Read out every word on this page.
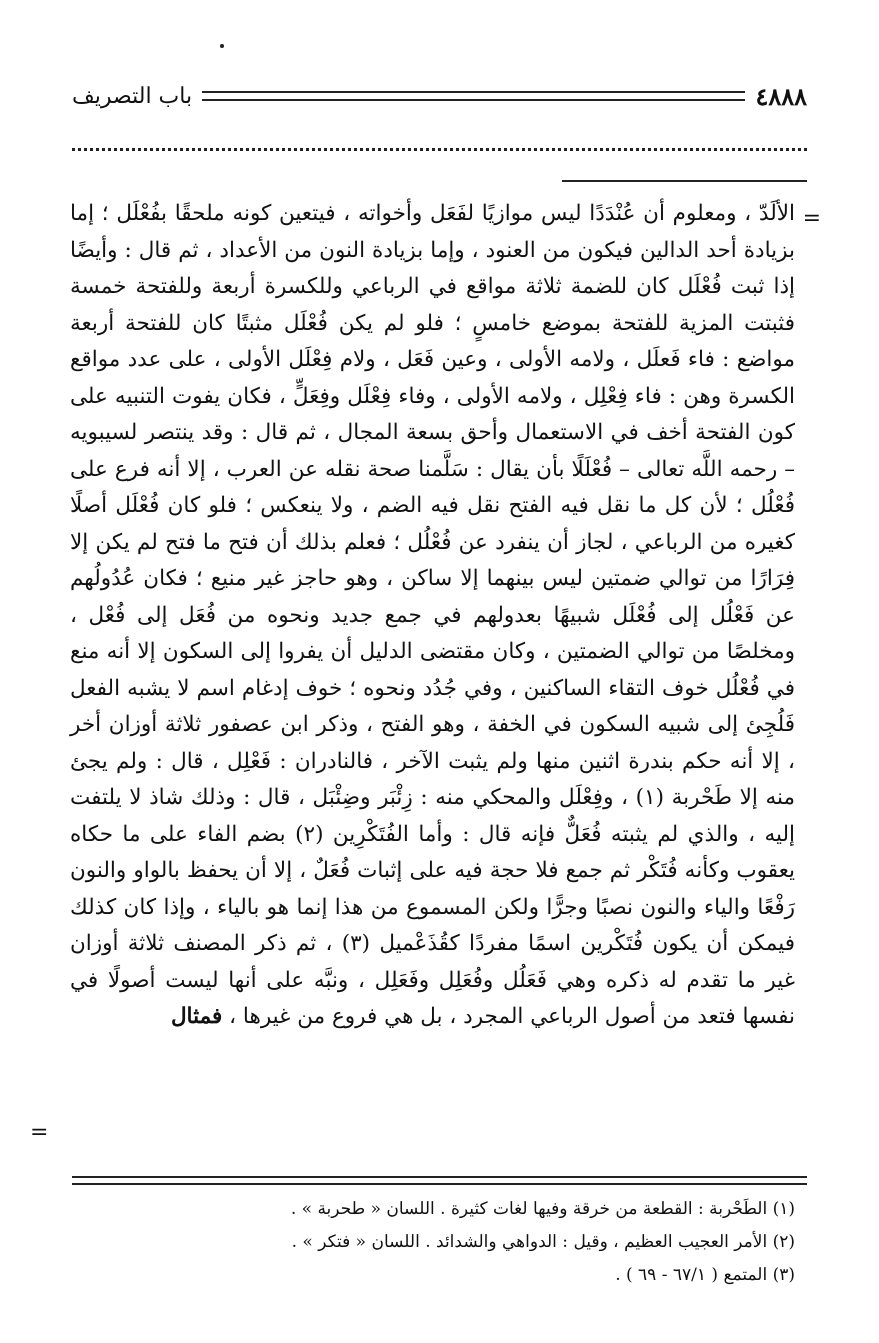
٤٨٨٨
باب التصريف
=

الألَدّ ، ومعلوم أن عُنْدَدًا ليس موازيًا لفَعَل وأخواته ، فيتعين كونه ملحقًا بفُعْلَل ؛ إما بزيادة أحد الدالين فيكون من العنود ، وإما بزيادة النون من الأعداد ، ثم قال : وأيضًا إذا ثبت فُعْلَل كان للضمة ثلاثة مواقع في الرباعي وللكسرة أربعة وللفتحة خمسة فثبتت المزية للفتحة بموضع خامسٍ ؛ فلو لم يكن فُعْلَل مثبتًا كان للفتحة أربعة مواضع : فاء فَعلَل ، ولامه الأولى ، وعين فَعَل ، ولام فِعْلَل الأولى ، على عدد مواقع الكسرة وهن : فاء فِعْلِل ، ولامه الأولى ، وفاء فِعْلَل وفِعَلٍّ ، فكان يفوت التنبيه على كون الفتحة أخف في الاستعمال وأحق بسعة المجال ، ثم قال : وقد ينتصر لسيبويه – رحمه اللَّه تعالى – فُعْلَلًا بأن يقال : سَلَّمنا صحة نقله عن العرب ، إلا أنه فرع على فُعْلُل ؛ لأن كل ما نقل فيه الفتح نقل فيه الضم ، ولا ينعكس ؛ فلو كان فُعْلَل أصلًا كغيره من الرباعي ، لجاز أن ينفرد عن فُعْلُل ؛ فعلم بذلك أن فتح ما فتح لم يكن إلا فِرَارًا من توالي ضمتين ليس بينهما إلا ساكن ، وهو حاجز غير منيع ؛ فكان عُدُولُهم عن فَعْلُل إلى فُعْلَل شبيهًا بعدولهم في جمع جديد ونحوه من فُعَل إلى فُعْل ، ومخلصًا من توالي الضمتين ، وكان مقتضى الدليل أن يفروا إلى السكون إلا أنه منع في فُعْلُل خوف التقاء الساكنين ، وفي جُدُد ونحوه ؛ خوف إدغام اسم لا يشبه الفعل فَلُجِئ إلى شبيه السكون في الخفة ، وهو الفتح ، وذكر ابن عصفور ثلاثة أوزان أخر ، إلا أنه حكم بندرة اثنين منها ولم يثبت الآخر ، فالنادران : فَعْلِل ، قال : ولم يجئ منه إلا طَحْربة (١) ، وفِعْلَل والمحكي منه : زِئْبَر وضِئْبَل ، قال : وذلك شاذ لا يلتفت إليه ، والذي لم يثبته فُعَلٌّ فإنه قال : وأما الفُتَكْرِين (٢) بضم الفاء على ما حكاه يعقوب وكأنه فُتَكْر ثم جمع فلا حجة فيه على إثبات فُعَلٌ ، إلا أن يحفظ بالواو والنون رَفْعًا والياء والنون نصبًا وجرًّا ولكن المسموع من هذا إنما هو بالياء ، وإذا كان كذلك فيمكن أن يكون فُتَكْرين اسمًا مفردًا كقُذَعْميل (٣) ، ثم ذكر المصنف ثلاثة أوزان غير ما تقدم له ذكره وهي فَعَلُل وفُعَلِل وفَعَلِل ، ونبَّه على أنها ليست أصولًا في نفسها فتعد من أصول الرباعي المجرد ، بل هي فروع من غيرها ، فمثال

=
(١) الطَحْربة : القطعة من خرقة وفيها لغات كثيرة . اللسان « طحربة » .
(٢) الأمر العجيب العظيم ، وقيل : الدواهي والشدائد . اللسان « فتكر » .
(٣) المتمع ( ٦٧/١ - ٦٩ ) .
